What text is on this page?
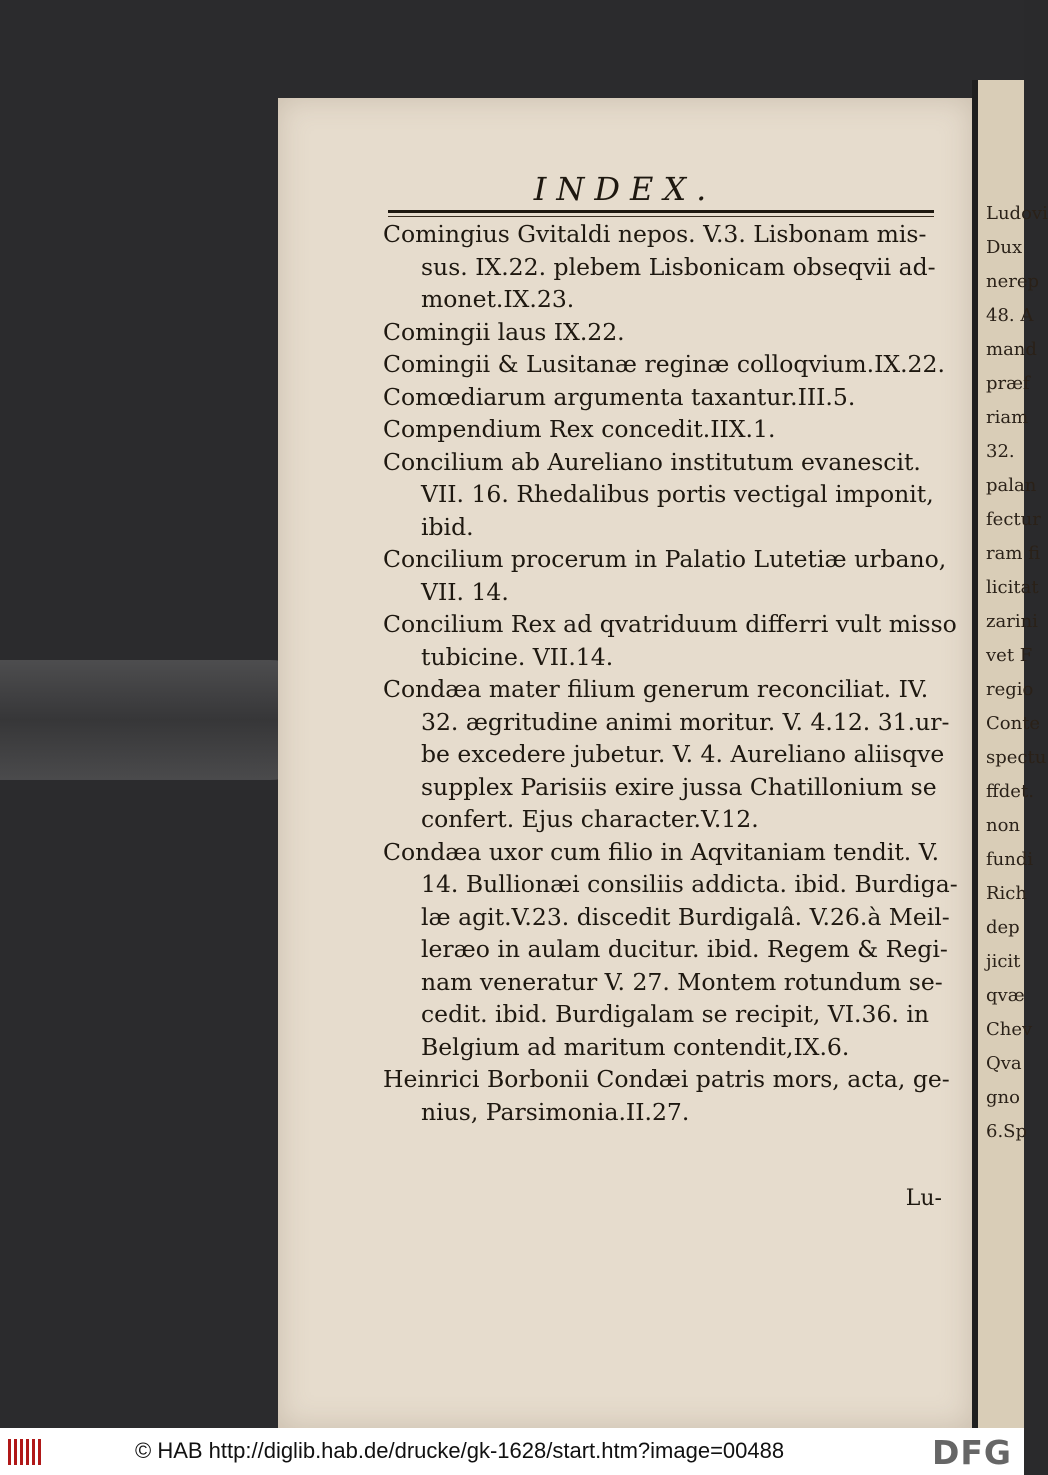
INDEX.
Comingius Gvitaldi nepos. V.3. Lisbonam mis-
sus. IX.22. plebem Lisbonicam obseqvii ad-
monet.IX.23.
Comingii laus IX.22.
Comingii & Lusitanæ reginæ colloqvium.IX.22.
Comœdiarum argumenta taxantur.III.5.
Compendium Rex concedit.IIX.1.
Concilium ab Aureliano institutum evanescit.
VII. 16. Rhedalibus portis vectigal imponit,
ibid.
Concilium procerum in Palatio Lutetiæ urbano,
VII. 14.
Concilium Rex ad qvatriduum differri vult misso
tubicine. VII.14.
Condæa mater filium generum reconciliat. IV.
32. ægritudine animi moritur. V. 4.12. 31.ur-
be excedere jubetur. V. 4. Aureliano aliisqve
supplex Parisiis exire jussa Chatillonium se
confert. Ejus character.V.12.
Condæa uxor cum filio in Aqvitaniam tendit. V.
14. Bullionæi consiliis addicta. ibid. Burdiga-
læ agit.V.23. discedit Burdigalâ. V.26.à Meil-
leræo in aulam ducitur. ibid. Regem & Regi-
nam veneratur V. 27. Montem rotundum se-
cedit. ibid. Burdigalam se recipit, VI.36. in
Belgium ad maritum contendit,IX.6.
Heinrici Borbonii Condæi patris mors, acta, ge-
nius, Parsimonia.II.27.
Lu-
Ludovi
Dux
nerep
48. A
mand
præf
riam
32.
palan
fectur
ram fi
licitat
zarini
vet F
regio
Conte
spectu
ffdet.
non
fundi
Rich
dep
jicit
qvæ
Chev
Qva
gno
6.Sp
© HAB http://diglib.hab.de/drucke/gk-1628/start.htm?image=00488	DFG
